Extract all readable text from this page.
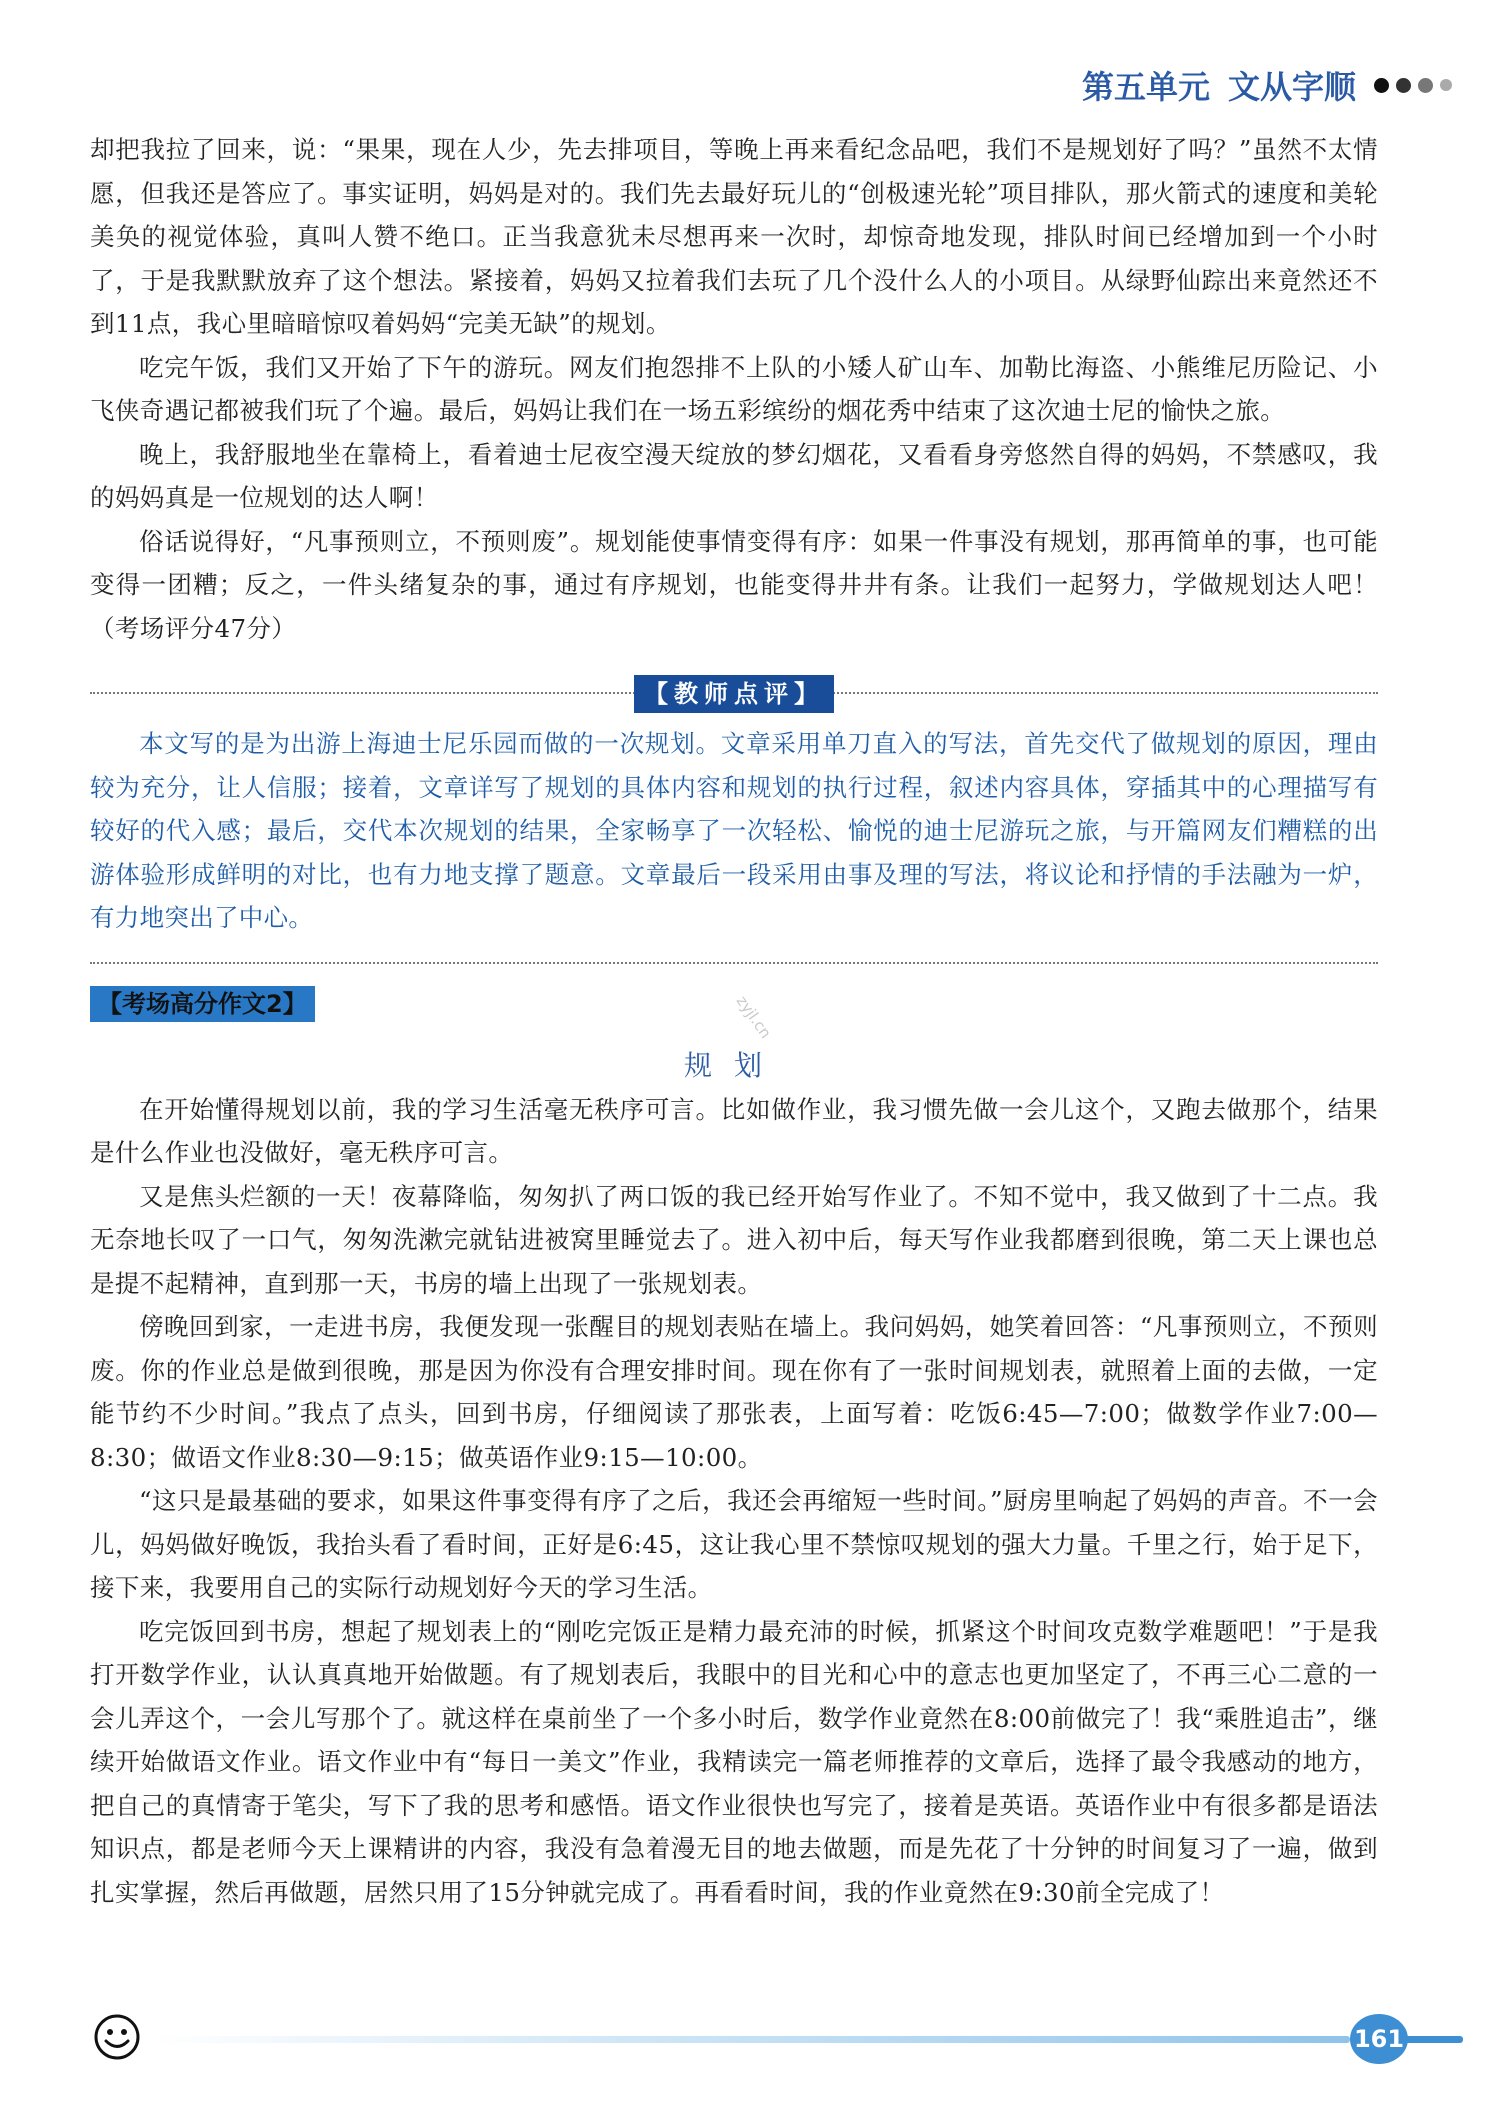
第五单元 文从字顺

却把我拉了回来，说：“果果，现在人少，先去排项目，等晚上再来看纪念品吧，我们不是规划好了吗？”虽然不太情愿，但我还是答应了。事实证明，妈妈是对的。我们先去最好玩儿的“创极速光轮”项目排队，那火箭式的速度和美轮美奂的视觉体验，真叫人赞不绝口。正当我意犹未尽想再来一次时，却惊奇地发现，排队时间已经增加到一个小时了，于是我默默放弃了这个想法。紧接着，妈妈又拉着我们去玩了几个没什么人的小项目。从绿野仙踪出来竟然还不到11点，我心里暗暗惊叹着妈妈“完美无缺”的规划。

吃完午饭，我们又开始了下午的游玩。网友们抱怨排不上队的小矮人矿山车、加勒比海盗、小熊维尼历险记、小飞侠奇遇记都被我们玩了个遍。最后，妈妈让我们在一场五彩缤纷的烟花秀中结束了这次迪士尼的愉快之旅。

晚上，我舒服地坐在靠椅上，看着迪士尼夜空漫天绽放的梦幻烟花，又看看身旁悠然自得的妈妈，不禁感叹，我的妈妈真是一位规划的达人啊！

俗话说得好，“凡事预则立，不预则废”。规划能使事情变得有序：如果一件事没有规划，那再简单的事，也可能变得一团糟；反之，一件头绪复杂的事，通过有序规划，也能变得井井有条。让我们一起努力，学做规划达人吧！（考场评分47分）

【教师点评】

本文写的是为出游上海迪士尼乐园而做的一次规划。文章采用单刀直入的写法，首先交代了做规划的原因，理由较为充分，让人信服；接着，文章详写了规划的具体内容和规划的执行过程，叙述内容具体，穿插其中的心理描写有较好的代入感；最后，交代本次规划的结果，全家畅享了一次轻松、愉悦的迪士尼游玩之旅，与开篇网友们糟糕的出游体验形成鲜明的对比，也有力地支撑了题意。文章最后一段采用由事及理的写法，将议论和抒情的手法融为一炉，有力地突出了中心。

【考场高分作文2】
规划

在开始懂得规划以前，我的学习生活毫无秩序可言。比如做作业，我习惯先做一会儿这个，又跑去做那个，结果是什么作业也没做好，毫无秩序可言。

又是焦头烂额的一天！夜幕降临，匆匆扒了两口饭的我已经开始写作业了。不知不觉中，我又做到了十二点。我无奈地长叹了一口气，匆匆洗漱完就钻进被窝里睡觉去了。进入初中后，每天写作业我都磨到很晚，第二天上课也总是提不起精神，直到那一天，书房的墙上出现了一张规划表。

傍晚回到家，一走进书房，我便发现一张醒目的规划表贴在墙上。我问妈妈，她笑着回答：“凡事预则立，不预则废。你的作业总是做到很晚，那是因为你没有合理安排时间。现在你有了一张时间规划表，就照着上面的去做，一定能节约不少时间。”我点了点头，回到书房，仔细阅读了那张表，上面写着：吃饭6:45—7:00；做数学作业7:00—8:30；做语文作业8:30—9:15；做英语作业9:15—10:00。

“这只是最基础的要求，如果这件事变得有序了之后，我还会再缩短一些时间。”厨房里响起了妈妈的声音。不一会儿，妈妈做好晚饭，我抬头看了看时间，正好是6:45，这让我心里不禁惊叹规划的强大力量。千里之行，始于足下，接下来，我要用自己的实际行动规划好今天的学习生活。

吃完饭回到书房，想起了规划表上的“刚吃完饭正是精力最充沛的时候，抓紧这个时间攻克数学难题吧！”于是我打开数学作业，认认真真地开始做题。有了规划表后，我眼中的目光和心中的意志也更加坚定了，不再三心二意的一会儿弄这个，一会儿写那个了。就这样在桌前坐了一个多小时后，数学作业竟然在8:00前做完了！我“乘胜追击”，继续开始做语文作业。语文作业中有“每日一美文”作业，我精读完一篇老师推荐的文章后，选择了最令我感动的地方，把自己的真情寄于笔尖，写下了我的思考和感悟。语文作业很快也写完了，接着是英语。英语作业中有很多都是语法知识点，都是老师今天上课精讲的内容，我没有急着漫无目的地去做题，而是先花了十分钟的时间复习了一遍，做到扎实掌握，然后再做题，居然只用了15分钟就完成了。再看看时间，我的作业竟然在9:30前全完成了！

zyjl.cn
161
